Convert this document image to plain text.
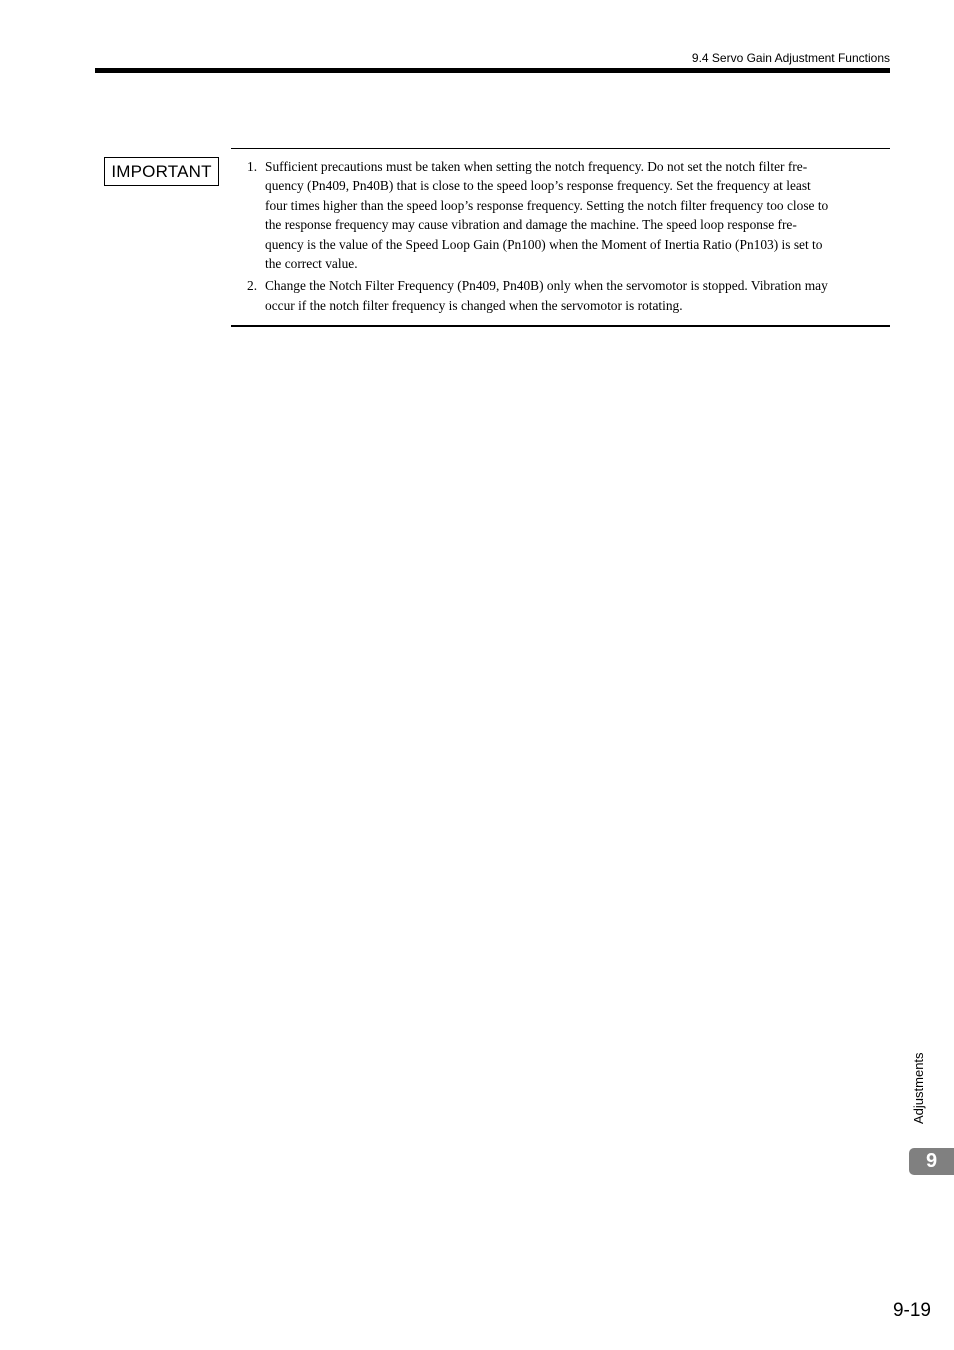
9.4 Servo Gain Adjustment Functions
IMPORTANT	1. Sufficient precautions must be taken when setting the notch frequency. Do not set the notch filter fre-
quency (Pn409, Pn40B) that is close to the speed loop’s response frequency. Set the frequency at least
four times higher than the speed loop’s response frequency. Setting the notch filter frequency too close to
the response frequency may cause vibration and damage the machine. The speed loop response fre-
quency is the value of the Speed Loop Gain (Pn100) when the Moment of Inertia Ratio (Pn103) is set to
the correct value.
2. Change the Notch Filter Frequency (Pn409, Pn40B) only when the servomotor is stopped. Vibration may
occur if the notch filter frequency is changed when the servomotor is rotating.
Adjustments
9
9-19
